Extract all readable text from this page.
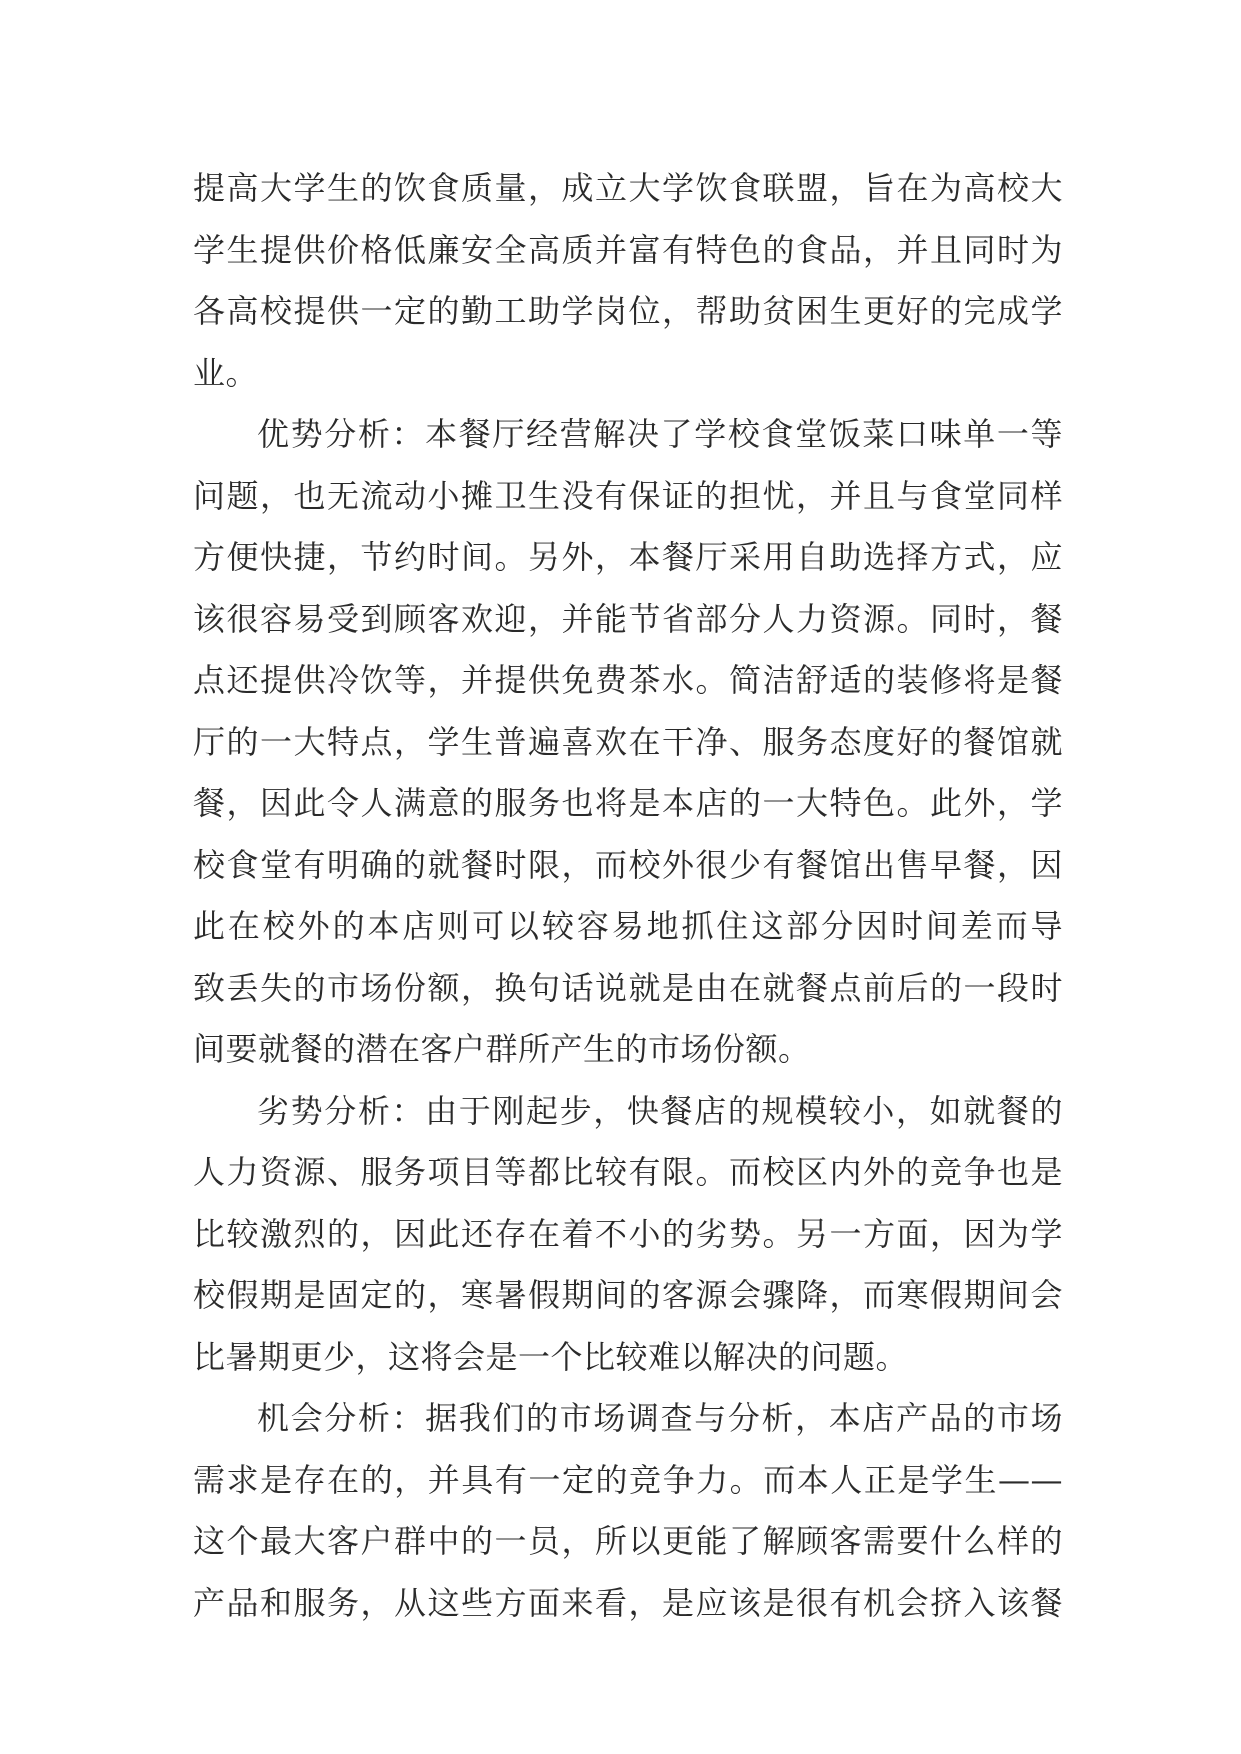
提高大学生的饮食质量，成立大学饮食联盟，旨在为高校大
学生提供价格低廉安全高质并富有特色的食品，并且同时为
各高校提供一定的勤工助学岗位，帮助贫困生更好的完成学
业。
优势分析：本餐厅经营解决了学校食堂饭菜口味单一等
问题，也无流动小摊卫生没有保证的担忧，并且与食堂同样
方便快捷，节约时间。另外，本餐厅采用自助选择方式，应
该很容易受到顾客欢迎，并能节省部分人力资源。同时，餐
点还提供冷饮等，并提供免费茶水。简洁舒适的装修将是餐
厅的一大特点，学生普遍喜欢在干净、服务态度好的餐馆就
餐，因此令人满意的服务也将是本店的一大特色。此外，学
校食堂有明确的就餐时限，而校外很少有餐馆出售早餐，因
此在校外的本店则可以较容易地抓住这部分因时间差而导
致丢失的市场份额，换句话说就是由在就餐点前后的一段时
间要就餐的潜在客户群所产生的市场份额。
劣势分析：由于刚起步，快餐店的规模较小，如就餐的
人力资源、服务项目等都比较有限。而校区内外的竞争也是
比较激烈的，因此还存在着不小的劣势。另一方面，因为学
校假期是固定的，寒暑假期间的客源会骤降，而寒假期间会
比暑期更少，这将会是一个比较难以解决的问题。
机会分析：据我们的市场调查与分析，本店产品的市场
需求是存在的，并具有一定的竞争力。而本人正是学生——
这个最大客户群中的一员，所以更能了解顾客需要什么样的
产品和服务，从这些方面来看，是应该是很有机会挤入该餐
